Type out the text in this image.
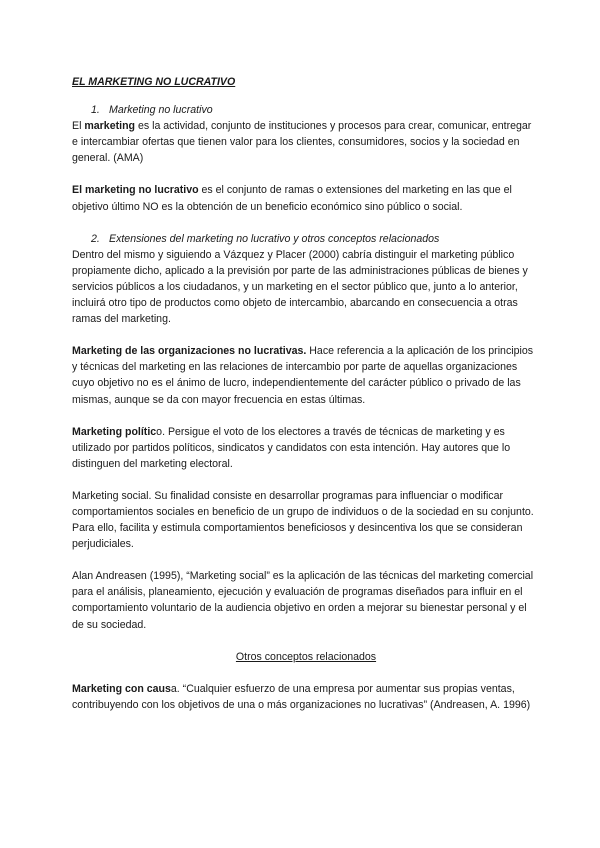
EL MARKETING NO LUCRATIVO
1. Marketing no lucrativo

El marketing es la actividad, conjunto de instituciones y procesos para crear, comunicar, entregar e intercambiar ofertas que tienen valor para los clientes, consumidores, socios y la sociedad en general. (AMA)

El marketing no lucrativo es el conjunto de ramas o extensiones del marketing en las que el objetivo último NO es la obtención de un beneficio económico sino público o social.

2. Extensiones del marketing no lucrativo y otros conceptos relacionados

Dentro del mismo y siguiendo a Vázquez y Placer (2000) cabría distinguir el marketing público propiamente dicho, aplicado a la previsión por parte de las administraciones públicas de bienes y servicios públicos a los ciudadanos, y un marketing en el sector público que, junto a lo anterior, incluirá otro tipo de productos como objeto de intercambio, abarcando en consecuencia a otras ramas del marketing.

Marketing de las organizaciones no lucrativas. Hace referencia a la aplicación de los principios y técnicas del marketing en las relaciones de intercambio por parte de aquellas organizaciones cuyo objetivo no es el ánimo de lucro, independientemente del carácter público o privado de las mismas, aunque se da con mayor frecuencia en estas últimas.

Marketing político. Persigue el voto de los electores a través de técnicas de marketing y es utilizado por partidos políticos, sindicatos y candidatos con esta intención. Hay autores que lo distinguen del marketing electoral.

Marketing social. Su finalidad consiste en desarrollar programas para influenciar o modificar comportamientos sociales en beneficio de un grupo de individuos o de la sociedad en su conjunto. Para ello, facilita y estimula comportamientos beneficiosos y desincentiva los que se consideran perjudiciales.

Alan Andreasen (1995), “Marketing social” es la aplicación de las técnicas del marketing comercial para el análisis, planeamiento, ejecución y evaluación de programas diseñados para influir en el comportamiento voluntario de la audiencia objetivo en orden a mejorar su bienestar personal y el de su sociedad.

Otros conceptos relacionados

Marketing con causa. “Cualquier esfuerzo de una empresa por aumentar sus propias ventas, contribuyendo con los objetivos de una o más organizaciones no lucrativas” (Andreasen, A. 1996)
